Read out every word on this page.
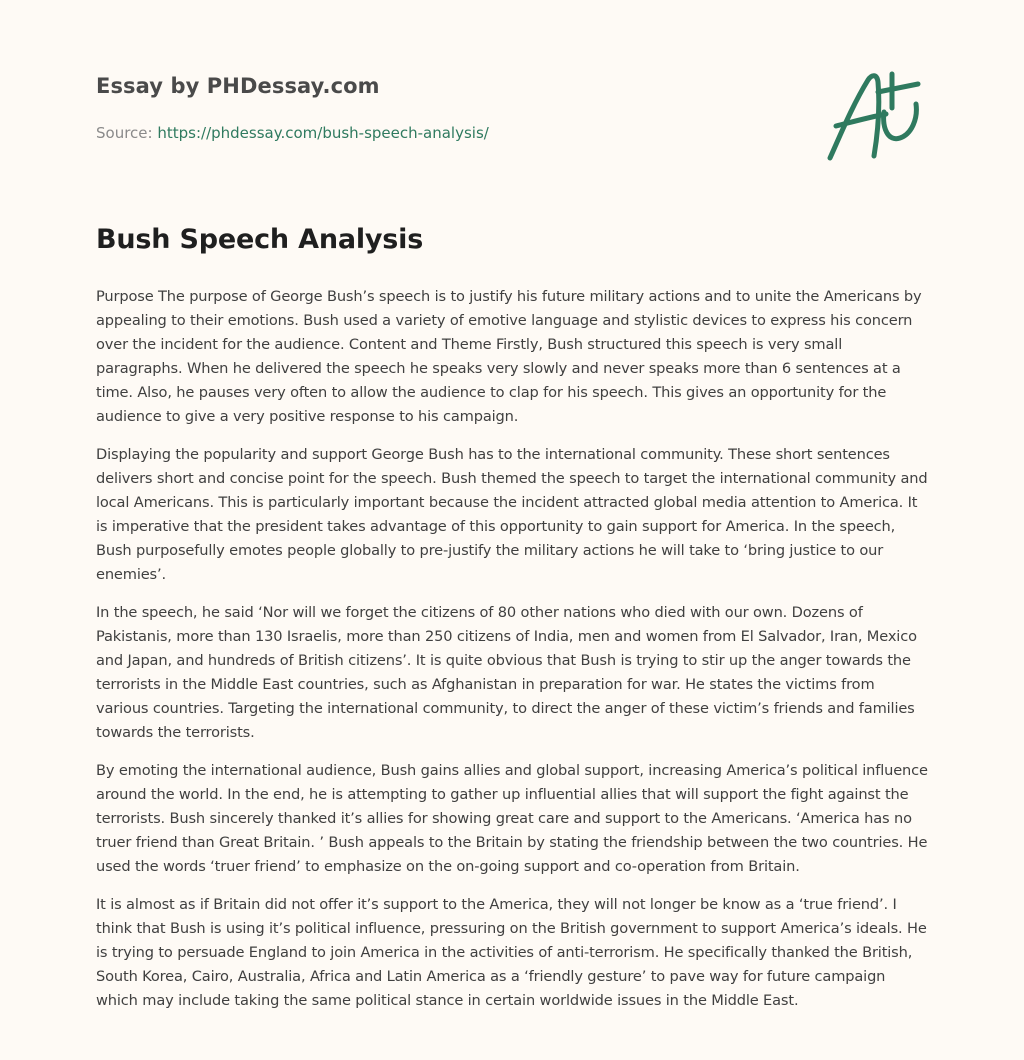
Essay by PHDessay.com
Source: https://phdessay.com/bush-speech-analysis/
Bush Speech Analysis

Purpose The purpose of George Bush’s speech is to justify his future military actions and to unite the Americans by appealing to their emotions. Bush used a variety of emotive language and stylistic devices to express his concern over the incident for the audience. Content and Theme Firstly, Bush structured this speech is very small paragraphs. When he delivered the speech he speaks very slowly and never speaks more than 6 sentences at a time. Also, he pauses very often to allow the audience to clap for his speech. This gives an opportunity for the audience to give a very positive response to his campaign.

Displaying the popularity and support George Bush has to the international community. These short sentences delivers short and concise point for the speech. Bush themed the speech to target the international community and local Americans. This is particularly important because the incident attracted global media attention to America. It is imperative that the president takes advantage of this opportunity to gain support for America. In the speech, Bush purposefully emotes people globally to pre-justify the military actions he will take to ‘bring justice to our enemies’.

In the speech, he said ‘Nor will we forget the citizens of 80 other nations who died with our own. Dozens of Pakistanis, more than 130 Israelis, more than 250 citizens of India, men and women from El Salvador, Iran, Mexico and Japan, and hundreds of British citizens’. It is quite obvious that Bush is trying to stir up the anger towards the terrorists in the Middle East countries, such as Afghanistan in preparation for war. He states the victims from various countries. Targeting the international community, to direct the anger of these victim’s friends and families towards the terrorists.

By emoting the international audience, Bush gains allies and global support, increasing America’s political influence around the world. In the end, he is attempting to gather up influential allies that will support the fight against the terrorists. Bush sincerely thanked it’s allies for showing great care and support to the Americans. ‘America has no truer friend than Great Britain. ’ Bush appeals to the Britain by stating the friendship between the two countries. He used the words ‘truer friend’ to emphasize on the on-going support and co-operation from Britain.

It is almost as if Britain did not offer it’s support to the America, they will not longer be know as a ‘true friend’. I think that Bush is using it’s political influence, pressuring on the British government to support America’s ideals. He is trying to persuade England to join America in the activities of anti-terrorism. He specifically thanked the British, South Korea, Cairo, Australia, Africa and Latin America as a ‘friendly gesture’ to pave way for future campaign which may include taking the same political stance in certain worldwide issues in the Middle East.
